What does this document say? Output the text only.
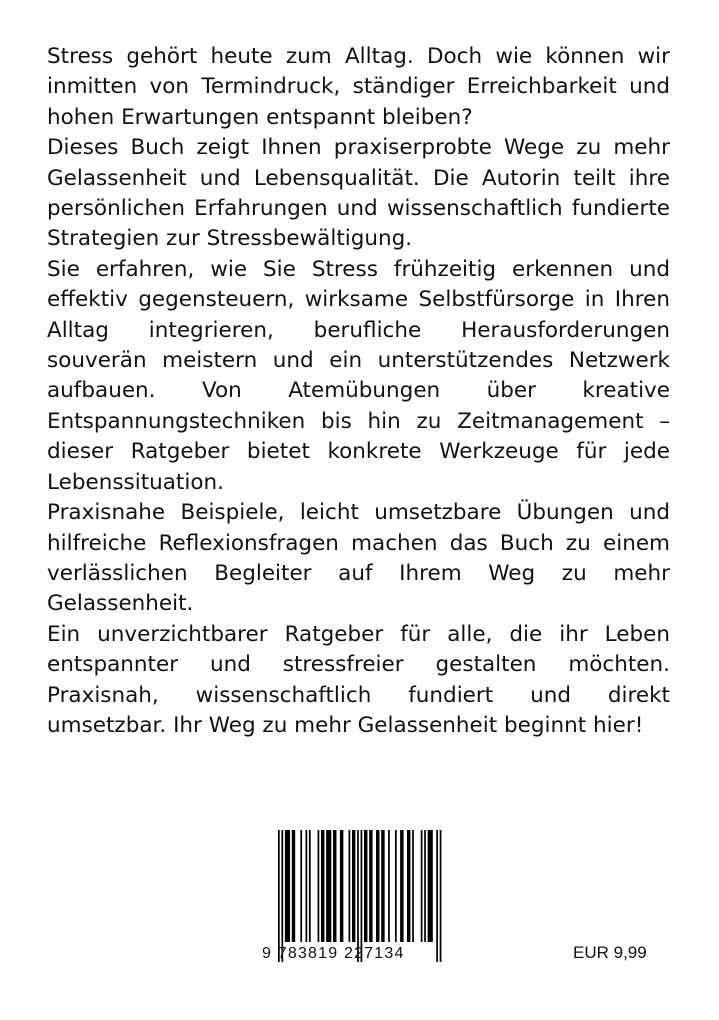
Stress gehört heute zum Alltag. Doch wie können wir inmitten von Termindruck, ständiger Erreichbarkeit und hohen Erwartungen entspannt bleiben?

Dieses Buch zeigt Ihnen praxiserprobte Wege zu mehr Gelassenheit und Lebensqualität. Die Autorin teilt ihre persönlichen Erfahrungen und wissenschaftlich fundierte Strategien zur Stressbewältigung.

Sie erfahren, wie Sie Stress frühzeitig erkennen und effektiv gegensteuern, wirksame Selbstfürsorge in Ihren Alltag integrieren, berufliche Herausforderungen souverän meistern und ein unterstützendes Netzwerk aufbauen. Von Atemübungen über kreative Entspannungstechniken bis hin zu Zeitmanagement – dieser Ratgeber bietet konkrete Werkzeuge für jede Lebenssituation.

Praxisnahe Beispiele, leicht umsetzbare Übungen und hilfreiche Reflexionsfragen machen das Buch zu einem verlässlichen Begleiter auf Ihrem Weg zu mehr Gelassenheit.

Ein unverzichtbarer Ratgeber für alle, die ihr Leben entspannter und stressfreier gestalten möchten. Praxisnah, wissenschaftlich fundiert und direkt umsetzbar. Ihr Weg zu mehr Gelassenheit beginnt hier!

9 783819 227134	EUR 9,99
